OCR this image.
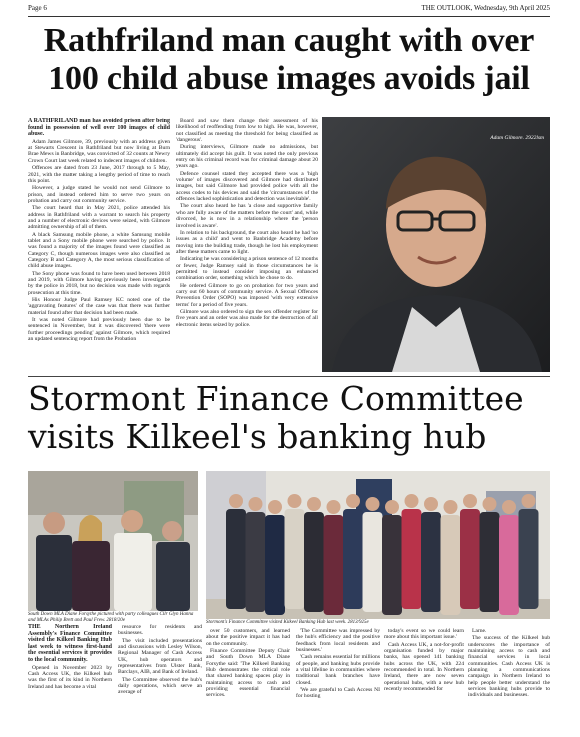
Page 6	THE OUTLOOK, Wednesday, 9th April 2025
Rathfriland man caught with over
100 child abuse images avoids jail

A RATHFRILAND man has avoided prison after being found in possession of well over 100 images of child abuse.

Adam James Gilmore, 39, previously with an address given at Stewarts Crescent in Rathfriland but now living at Burn Brae Mews in Banbridge, was convicted of 32 counts at Newry Crown Court last week related to indecent images of children.

Offences are dated from 23 June, 2017 through to 5 May, 2021, with the matter taking a lengthy period of time to reach this point.

However, a judge stated he would not send Gilmore to prison, and instead ordered him to serve two years on probation and carry out community service.

The court heard that in May 2021, police attended his address in Rathfriland with a warrant to search his property and a number of electronic devices were seized, with Gilmore admitting ownership of all of them.

A black Samsung mobile phone, a white Samsung mobile tablet and a Sony mobile phone were searched by police. It was found a majority of the images found were classified as Category C, though numerous images were also classified as Category B and Category A, the most serious classification of child abuse images.

The Sony phone was found to have been used between 2018 and 2019, with Gilmore having previously been investigated by the police in 2018, but no decision was made with regards prosecution at this time.

His Honour Judge Paul Ramsey KC noted one of the 'aggravating features' of the case was that there was further material found after that decision had been made.

It was noted Gilmore had previously been due to be sentenced in November, but it was discovered 'there were further proceedings pending' against Gilmore, which required an updated sentencing report from the Probation

Board and saw them change their assessment of his likelihood of reoffending from low to high. He was, however, not classified as meeting the threshold for being classified as 'dangerous'.

During interviews, Gilmore made no admissions, but ultimately did accept his guilt. It was noted the only previous entry on his criminal record was for criminal damage about 20 years ago.

Defence counsel stated they accepted there was a 'high volume' of images discovered and Gilmore had distributed images, but said Gilmore had provided police with all the access codes to his devices and said the 'circumstances of the offences lacked sophistication and detection was inevitable'.

The court also heard he has 'a close and supportive family who are fully aware of the matters before the court' and, while divorced, he is now in a relationship where the 'person involved is aware'.

In relation to his background, the court also heard he had 'no issues as a child' and went to Banbridge Academy before moving into the building trade, though he lost his employment after these matters came to light.

Indicating he was considering a prison sentence of 12 months or fewer, Judge Ramsey said in those circumstances he is permitted to instead consider imposing an enhanced combination order, something which he chose to do.

He ordered Gilmore to go on probation for two years and carry out 60 hours of community service. A Sexual Offences Prevention Order (SOPO) was imposed 'with very extensive terms' for a period of five years.

Gilmore was also ordered to sign the sex offender register for five years and an order was also made for the destruction of all electronic items seized by police.

Adam Gilmore. 2922lsm
Stormont Finance Committee
visits Kilkeel's banking hub
South Down MLA Diane Forsythe pictured with party colleagues Cllr Glyn Hanna and MLAs Philip Brett and Paul Frew. 2818/20e	Stormont's Finance Committee visited Kilkeel Banking Hub last week. 2813/925e

THE Northern Ireland Assembly's Finance Committee visited the Kilkeel Banking Hub last week to witness first-hand the essential services it provides to the local community.

Opened in November 2023 by Cash Access UK, the Kilkeel hub was the first of its kind in Northern Ireland and has become a vital

resource for residents and businesses.

The visit included presentations and discussions with Lesley Wilson, Regional Manager of Cash Access UK, hub operators and representatives from Ulster Bank, Barclays, AIB, and Bank of Ireland.

The Committee observed the hub's daily operations, which serve an average of

over 50 customers, and learned about the positive impact it has had on the community.

Finance Committee Deputy Chair and South Down MLA Diane Forsythe said: 'The Kilkeel Banking Hub demonstrates the critical role that shared banking spaces play in maintaining access to cash and providing essential financial services.

'The Committee was impressed by the hub's efficiency and the positive feedback from local residents and businesses.'

'Cash remains essential for millions of people, and banking hubs provide a vital lifeline in communities where traditional bank branches have closed.

'We are grateful to Cash Access NI for hosting

today's event so we could learn more about this important issue.'

Cash Access UK, a not-for-profit organisation funded by major banks, has opened 141 banking hubs across the UK, with 224 recommended in total. In Northern Ireland, there are now seven operational hubs, with a new hub recently recommended for

Larne.

The success of the Kilkeel hub underscores the importance of maintaining access to cash and financial services in local communities. Cash Access UK is planning a communications campaign in Northern Ireland to help people better understand the services banking hubs provide to individuals and businesses.
